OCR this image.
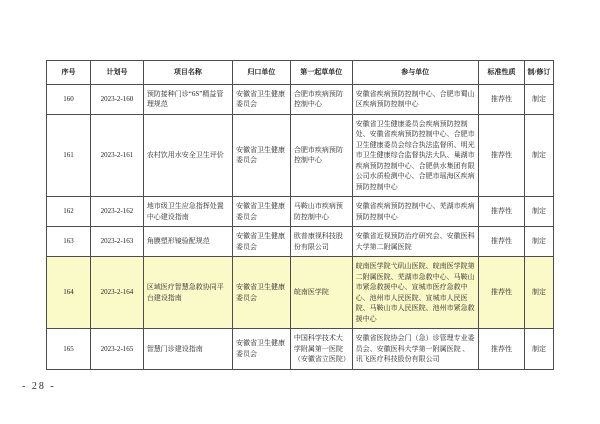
序号	计划号	项目名称	归口单位	第一起草单位	参与单位	标准性质	制/修订
160	2023-2-160	预防接种门诊“6S”精益管理规范	安徽省卫生健康委员会	合肥市疾病预防控制中心	安徽省疾病预防控制中心、合肥市蜀山区疾病预防控制中心	推荐性	制定
161	2023-2-161	农村饮用水安全卫生评价	安徽省卫生健康委员会	合肥市疾病预防控制中心	安徽省卫生健康委员会疾病预防控制处、安徽省疾病预防控制中心、合肥市卫生健康委员会综合执法监督所、明光市卫生健康综合监督执法大队、巢湖市疾病预防控制中心、合肥供水集团有限公司水质检测中心、合肥市瑶海区疾病预防控制中心	推荐性	制定
162	2023-2-162	地市级卫生应急指挥处置中心建设指南	安徽省卫生健康委员会	马鞍山市疾病预防控制中心	安徽省疾病预防控制中心、芜湖市疾病预防控制中心	推荐性	制定
163	2023-2-163	角膜塑形镜验配规范	安徽省卫生健康委员会	欧普康视科技股份有限公司	安徽省近视预防治疗研究会、安徽医科大学第二附属医院	推荐性	制定
164	2023-2-164	区域医疗智慧急救协同平台建设指南	安徽省卫生健康委员会	皖南医学院	皖南医学院弋矶山医院、皖南医学院第二附属医院、芜湖市急救中心、马鞍山市紧急救援中心、宣城市医疗急救中心、池州市人民医院、宣城市人民医院、马鞍山市人民医院、池州市紧急救援中心	推荐性	制定
165	2023-2-165	智慧门诊建设指南	安徽省卫生健康委员会	中国科学技术大学附属第一医院（安徽省立医院）	安徽省医院协会门（急）诊管理专业委员会、安徽医科大学第一附属医院 、讯飞医疗科技股份有限公司	推荐性	制定
- 28 -
